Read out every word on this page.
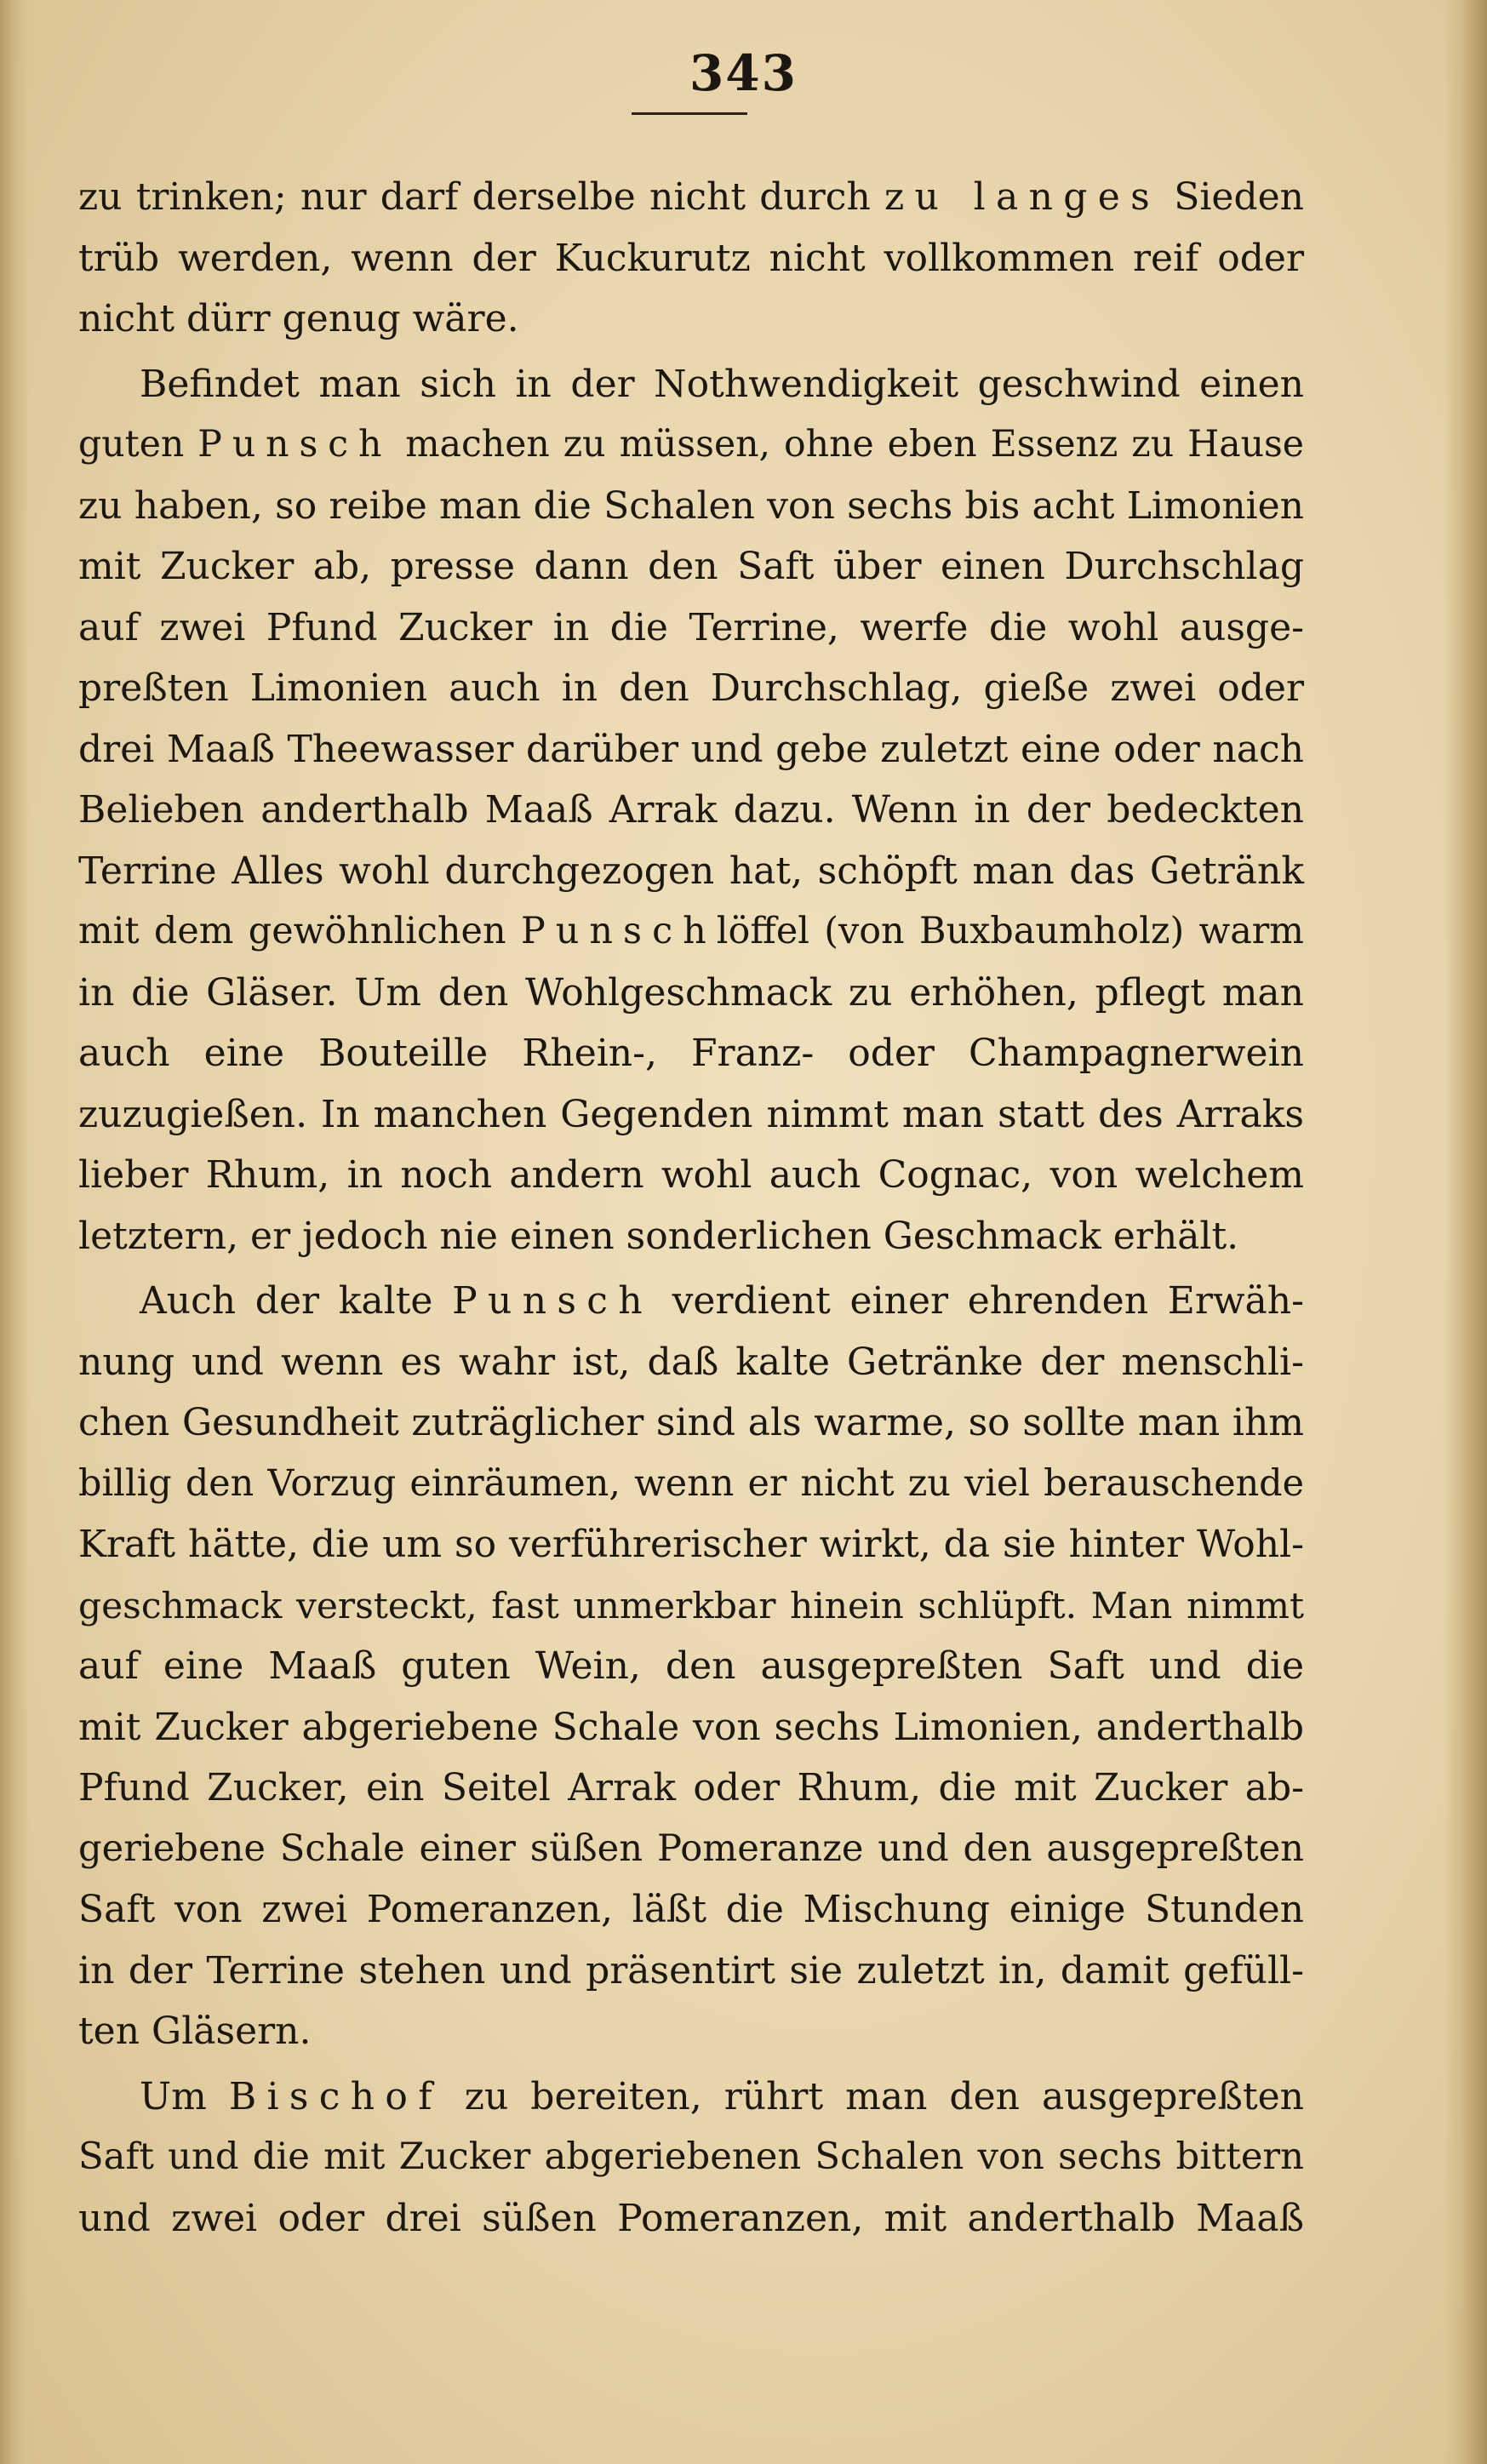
343
zu trinken; nur darf derselbe nicht durch zu langes Sieden
trüb werden, wenn der Kuckurutz nicht vollkommen reif oder
nicht dürr genug wäre.
Befindet man sich in der Nothwendigkeit geschwind einen
guten Punsch machen zu müssen, ohne eben Essenz zu Hause
zu haben, so reibe man die Schalen von sechs bis acht Limonien
mit Zucker ab, presse dann den Saft über einen Durchschlag
auf zwei Pfund Zucker in die Terrine, werfe die wohl ausge-
preßten Limonien auch in den Durchschlag, gieße zwei oder
drei Maaß Theewasser darüber und gebe zuletzt eine oder nach
Belieben anderthalb Maaß Arrak dazu. Wenn in der bedeckten
Terrine Alles wohl durchgezogen hat, schöpft man das Getränk
mit dem gewöhnlichen Punschlöffel (von Buxbaumholz) warm
in die Gläser. Um den Wohlgeschmack zu erhöhen, pflegt man
auch eine Bouteille Rhein-, Franz- oder Champagnerwein
zuzugießen. In manchen Gegenden nimmt man statt des Arraks
lieber Rhum, in noch andern wohl auch Cognac, von welchem
letztern, er jedoch nie einen sonderlichen Geschmack erhält.
Auch der kalte Punsch verdient einer ehrenden Erwäh-
nung und wenn es wahr ist, daß kalte Getränke der menschli-
chen Gesundheit zuträglicher sind als warme, so sollte man ihm
billig den Vorzug einräumen, wenn er nicht zu viel berauschende
Kraft hätte, die um so verführerischer wirkt, da sie hinter Wohl-
geschmack versteckt, fast unmerkbar hinein schlüpft. Man nimmt
auf eine Maaß guten Wein, den ausgepreßten Saft und die
mit Zucker abgeriebene Schale von sechs Limonien, anderthalb
Pfund Zucker, ein Seitel Arrak oder Rhum, die mit Zucker ab-
geriebene Schale einer süßen Pomeranze und den ausgepreßten
Saft von zwei Pomeranzen, läßt die Mischung einige Stunden
in der Terrine stehen und präsentirt sie zuletzt in, damit gefüll-
ten Gläsern.
Um Bischof zu bereiten, rührt man den ausgepreßten
Saft und die mit Zucker abgeriebenen Schalen von sechs bittern
und zwei oder drei süßen Pomeranzen, mit anderthalb Maaß
